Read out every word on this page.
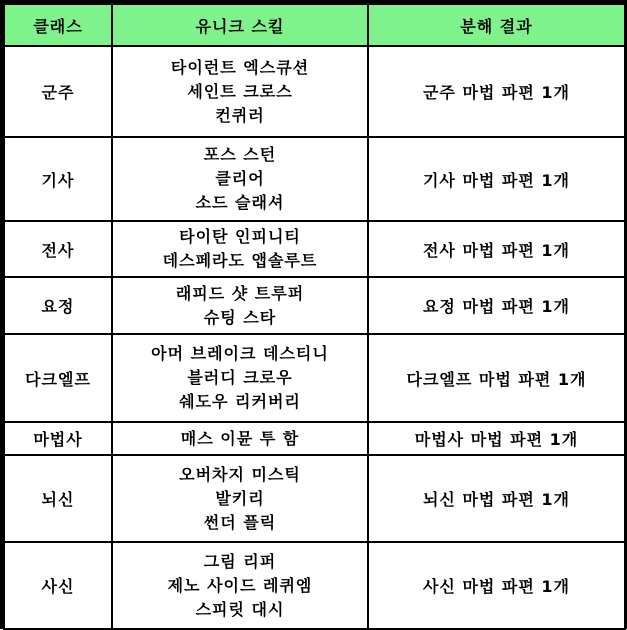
클래스	유니크 스킬	분해 결과
군주	타이런트 엑스큐션
세인트 크로스
컨퀴러	군주 마법 파편 1개
기사	포스 스턴
클리어
소드 슬래셔	기사 마법 파편 1개
전사	타이탄 인피니티
데스페라도 앱솔루트	전사 마법 파편 1개
요정	래피드 샷 트루퍼
슈팅 스타	요정 마법 파편 1개
다크엘프	아머 브레이크 데스티니
블러디 크로우
쉐도우 리커버리	다크엘프 마법 파편 1개
마법사	매스 이뮨 투 함	마법사 마법 파편 1개
뇌신	오버차지 미스틱
발키리
썬더 플릭	뇌신 마법 파편 1개
사신	그림 리퍼
제노 사이드 레퀴엠
스피릿 대시	사신 마법 파편 1개
